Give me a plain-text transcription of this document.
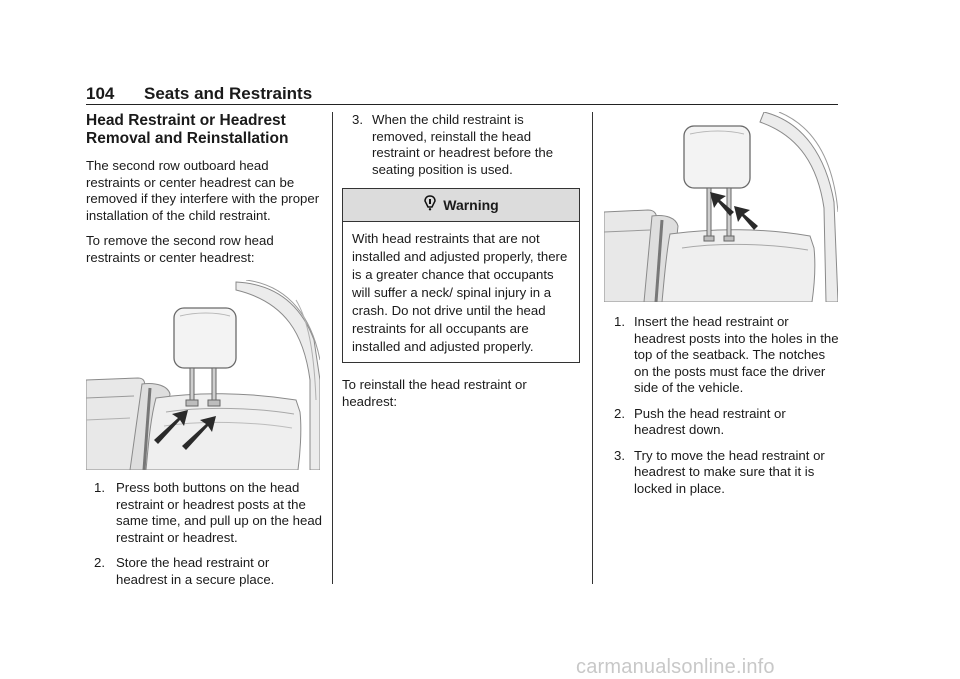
104 Seats and Restraints
Head Restraint or Headrest Removal and Reinstallation

The second row outboard head restraints or center headrest can be removed if they interfere with the proper installation of the child restraint.

To remove the second row head restraints or center headrest:

1. Press both buttons on the head restraint or headrest posts at the same time, and pull up on the head restraint or headrest.
2. Store the head restraint or headrest in a secure place.
3. When the child restraint is removed, reinstall the head restraint or headrest before the seating position is used.
Warning
With head restraints that are not installed and adjusted properly, there is a greater chance that occupants will suffer a neck/ spinal injury in a crash. Do not drive until the head restraints for all occupants are installed and adjusted properly.

To reinstall the head restraint or headrest:

1. Insert the head restraint or headrest posts into the holes in the top of the seatback. The notches on the posts must face the driver side of the vehicle.
2. Push the head restraint or headrest down.
3. Try to move the head restraint or headrest to make sure that it is locked in place.
carmanualsonline.info
